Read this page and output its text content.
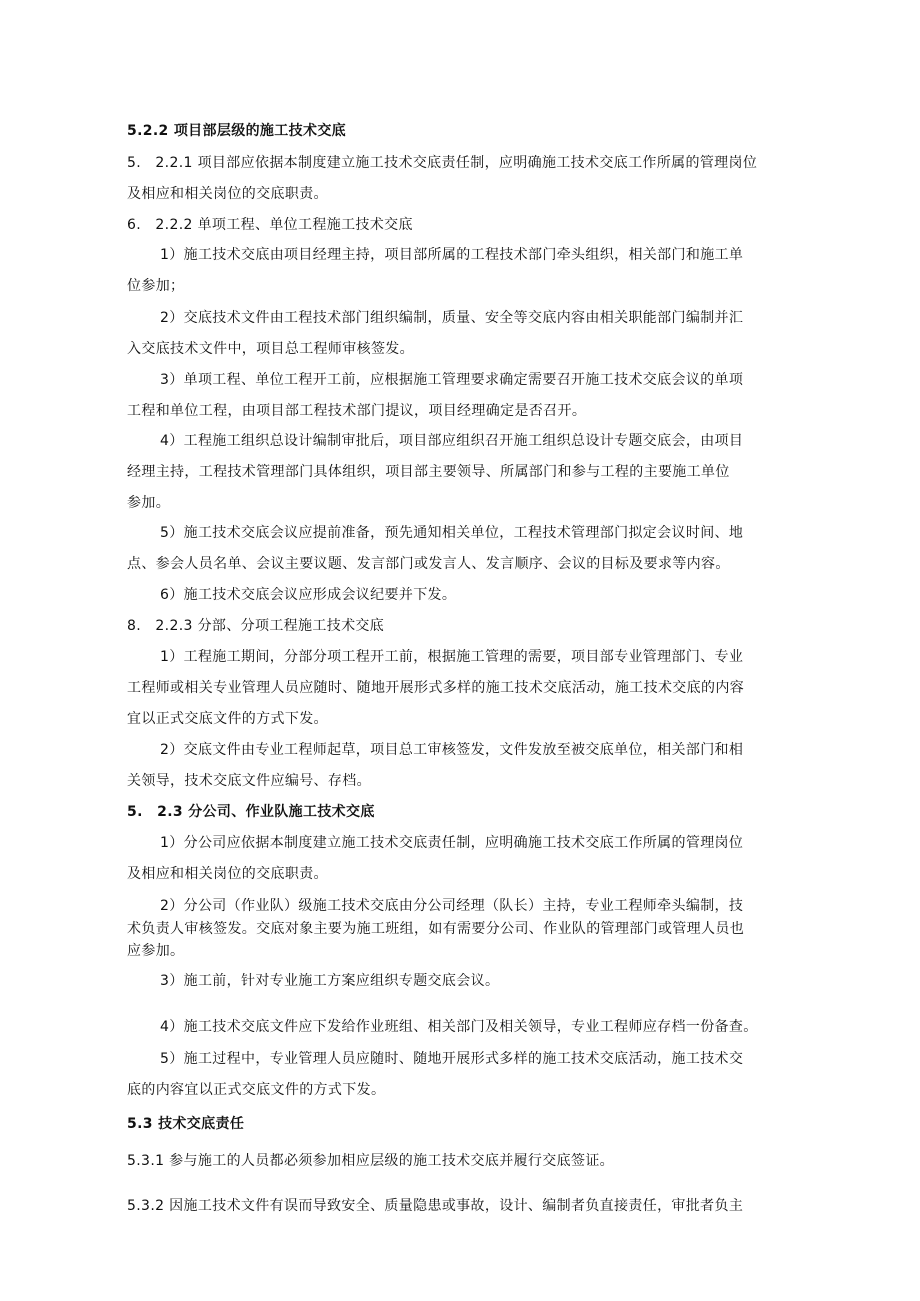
5.2.2 项目部层级的施工技术交底
5.　2.2.1 项目部应依据本制度建立施工技术交底责任制，应明确施工技术交底工作所属的管理岗位
及相应和相关岗位的交底职责。
6.　2.2.2 单项工程、单位工程施工技术交底
1）施工技术交底由项目经理主持，项目部所属的工程技术部门牵头组织，相关部门和施工单
位参加；
2）交底技术文件由工程技术部门组织编制，质量、安全等交底内容由相关职能部门编制并汇
入交底技术文件中，项目总工程师审核签发。
3）单项工程、单位工程开工前，应根据施工管理要求确定需要召开施工技术交底会议的单项
工程和单位工程，由项目部工程技术部门提议，项目经理确定是否召开。
4）工程施工组织总设计编制审批后，项目部应组织召开施工组织总设计专题交底会，由项目
经理主持，工程技术管理部门具体组织，项目部主要领导、所属部门和参与工程的主要施工单位
参加。
5）施工技术交底会议应提前准备，预先通知相关单位，工程技术管理部门拟定会议时间、地
点、参会人员名单、会议主要议题、发言部门或发言人、发言顺序、会议的目标及要求等内容。
6）施工技术交底会议应形成会议纪要并下发。
8.　2.2.3 分部、分项工程施工技术交底
1）工程施工期间，分部分项工程开工前，根据施工管理的需要，项目部专业管理部门、专业
工程师或相关专业管理人员应随时、随地开展形式多样的施工技术交底活动，施工技术交底的内容
宜以正式交底文件的方式下发。
2）交底文件由专业工程师起草，项目总工审核签发，文件发放至被交底单位，相关部门和相
关领导，技术交底文件应编号、存档。
5.　2.3 分公司、作业队施工技术交底
1）分公司应依据本制度建立施工技术交底责任制，应明确施工技术交底工作所属的管理岗位
及相应和相关岗位的交底职责。
2）分公司（作业队）级施工技术交底由分公司经理（队长）主持，专业工程师牵头编制，技
术负责人审核签发。交底对象主要为施工班组，如有需要分公司、作业队的管理部门或管理人员也
应参加。
3）施工前，针对专业施工方案应组织专题交底会议。
4）施工技术交底文件应下发给作业班组、相关部门及相关领导，专业工程师应存档一份备查。
5）施工过程中，专业管理人员应随时、随地开展形式多样的施工技术交底活动，施工技术交
底的内容宜以正式交底文件的方式下发。
5.3 技术交底责任
5.3.1 参与施工的人员都必须参加相应层级的施工技术交底并履行交底签证。
5.3.2 因施工技术文件有误而导致安全、质量隐患或事故，设计、编制者负直接责任，审批者负主
